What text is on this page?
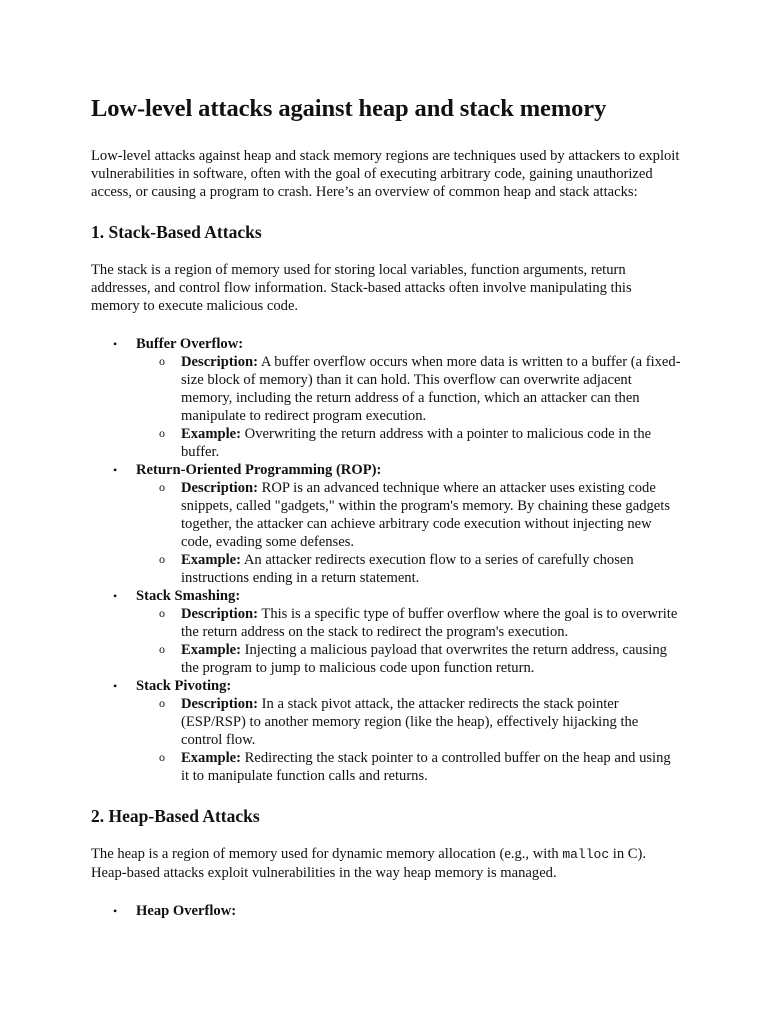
Low-level attacks against heap and stack memory

Low-level attacks against heap and stack memory regions are techniques used by attackers to exploit vulnerabilities in software, often with the goal of executing arbitrary code, gaining unauthorized access, or causing a program to crash. Here’s an overview of common heap and stack attacks:

1. Stack-Based Attacks

The stack is a region of memory used for storing local variables, function arguments, return addresses, and control flow information. Stack-based attacks often involve manipulating this memory to execute malicious code.

• Buffer Overflow:
o Description: A buffer overflow occurs when more data is written to a buffer (a fixed-size block of memory) than it can hold. This overflow can overwrite adjacent memory, including the return address of a function, which an attacker can then manipulate to redirect program execution.
o Example: Overwriting the return address with a pointer to malicious code in the buffer.
• Return-Oriented Programming (ROP):
o Description: ROP is an advanced technique where an attacker uses existing code snippets, called "gadgets," within the program's memory. By chaining these gadgets together, the attacker can achieve arbitrary code execution without injecting new code, evading some defenses.
o Example: An attacker redirects execution flow to a series of carefully chosen instructions ending in a return statement.
• Stack Smashing:
o Description: This is a specific type of buffer overflow where the goal is to overwrite the return address on the stack to redirect the program's execution.
o Example: Injecting a malicious payload that overwrites the return address, causing the program to jump to malicious code upon function return.
• Stack Pivoting:
o Description: In a stack pivot attack, the attacker redirects the stack pointer (ESP/RSP) to another memory region (like the heap), effectively hijacking the control flow.
o Example: Redirecting the stack pointer to a controlled buffer on the heap and using it to manipulate function calls and returns.
2. Heap-Based Attacks

The heap is a region of memory used for dynamic memory allocation (e.g., with malloc in C). Heap-based attacks exploit vulnerabilities in the way heap memory is managed.

• Heap Overflow:
